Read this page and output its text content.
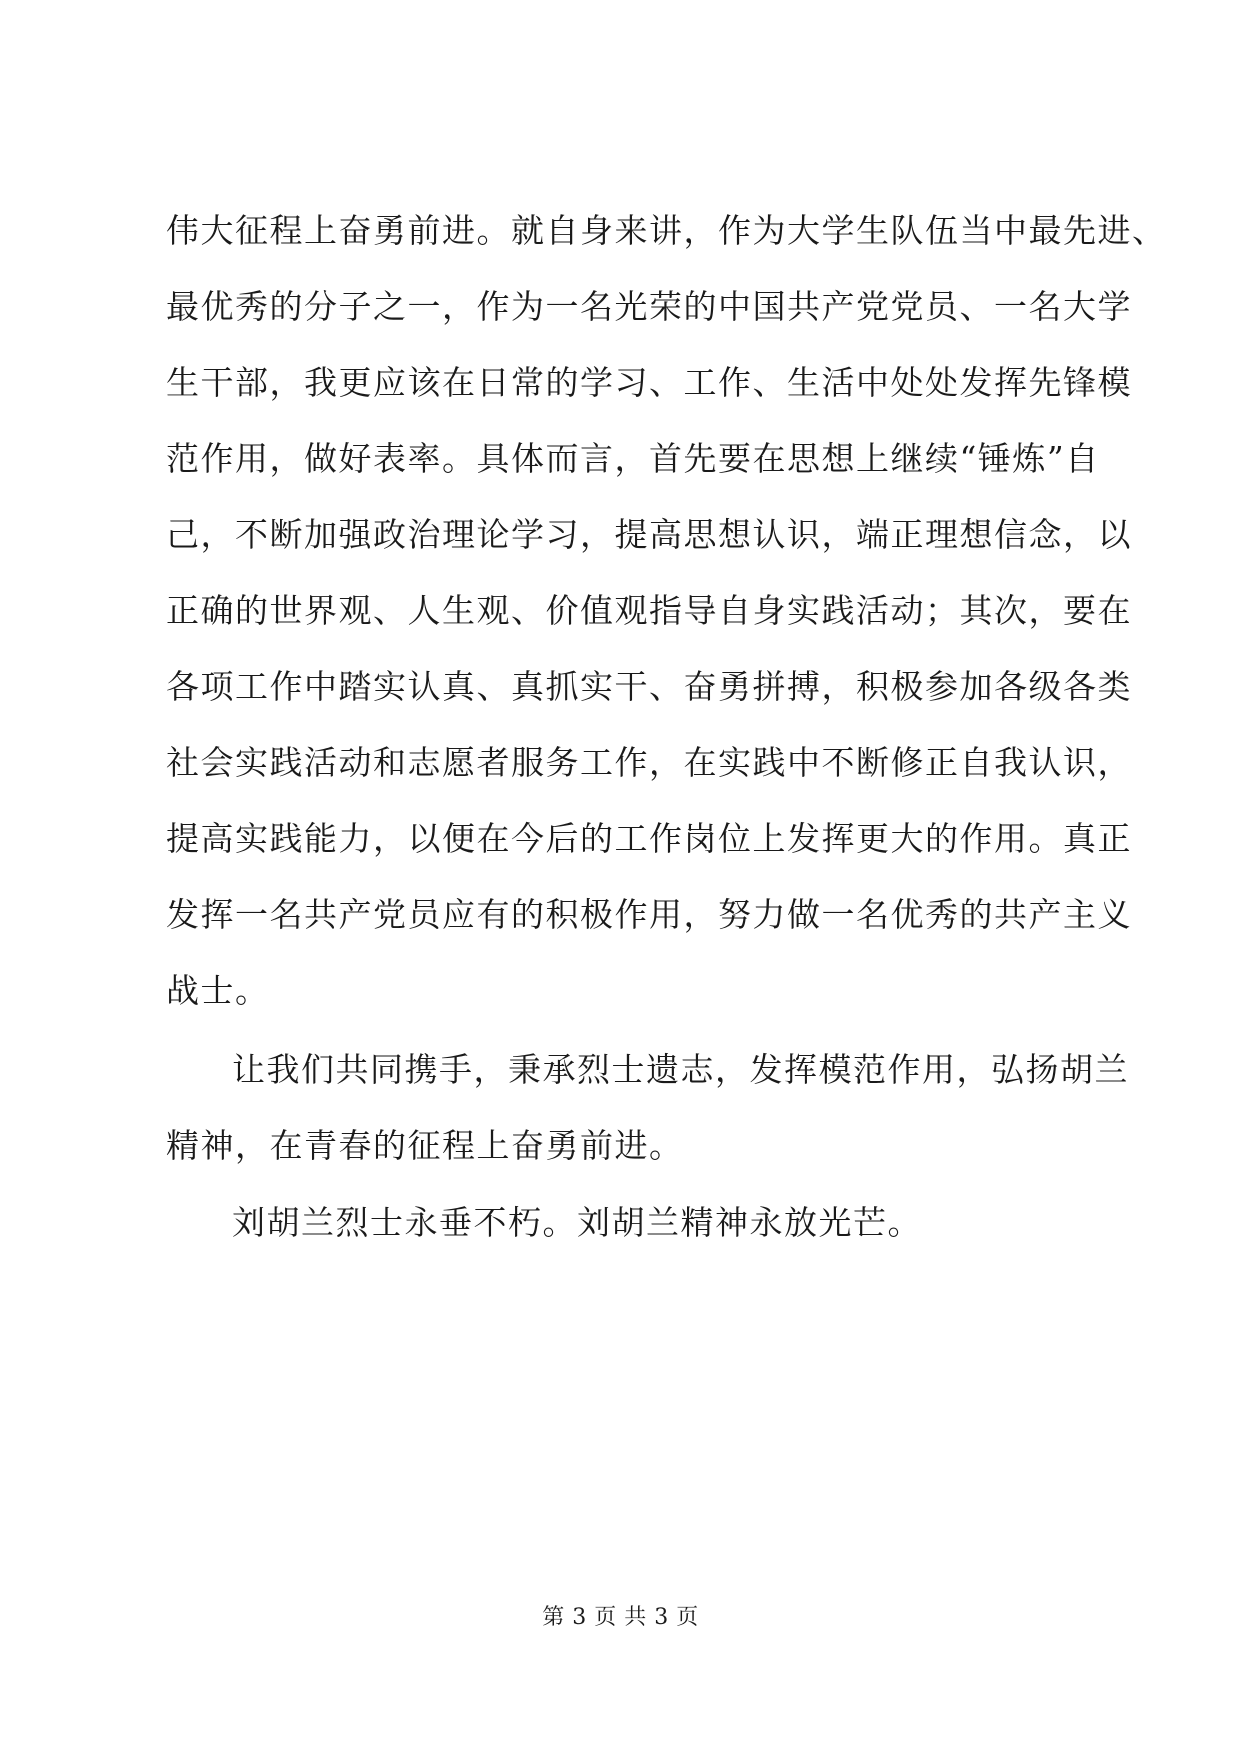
伟大征程上奋勇前进。就自身来讲，作为大学生队伍当中最先进、
最优秀的分子之一，作为一名光荣的中国共产党党员、一名大学
生干部，我更应该在日常的学习、工作、生活中处处发挥先锋模
范作用，做好表率。具体而言，首先要在思想上继续“锤炼”自
己，不断加强政治理论学习，提高思想认识，端正理想信念，以
正确的世界观、人生观、价值观指导自身实践活动；其次，要在
各项工作中踏实认真、真抓实干、奋勇拼搏，积极参加各级各类
社会实践活动和志愿者服务工作，在实践中不断修正自我认识，
提高实践能力，以便在今后的工作岗位上发挥更大的作用。真正
发挥一名共产党员应有的积极作用，努力做一名优秀的共产主义
战士。
让我们共同携手，秉承烈士遗志，发挥模范作用，弘扬胡兰
精神，在青春的征程上奋勇前进。
刘胡兰烈士永垂不朽。刘胡兰精神永放光芒。
第 3 页 共 3 页
